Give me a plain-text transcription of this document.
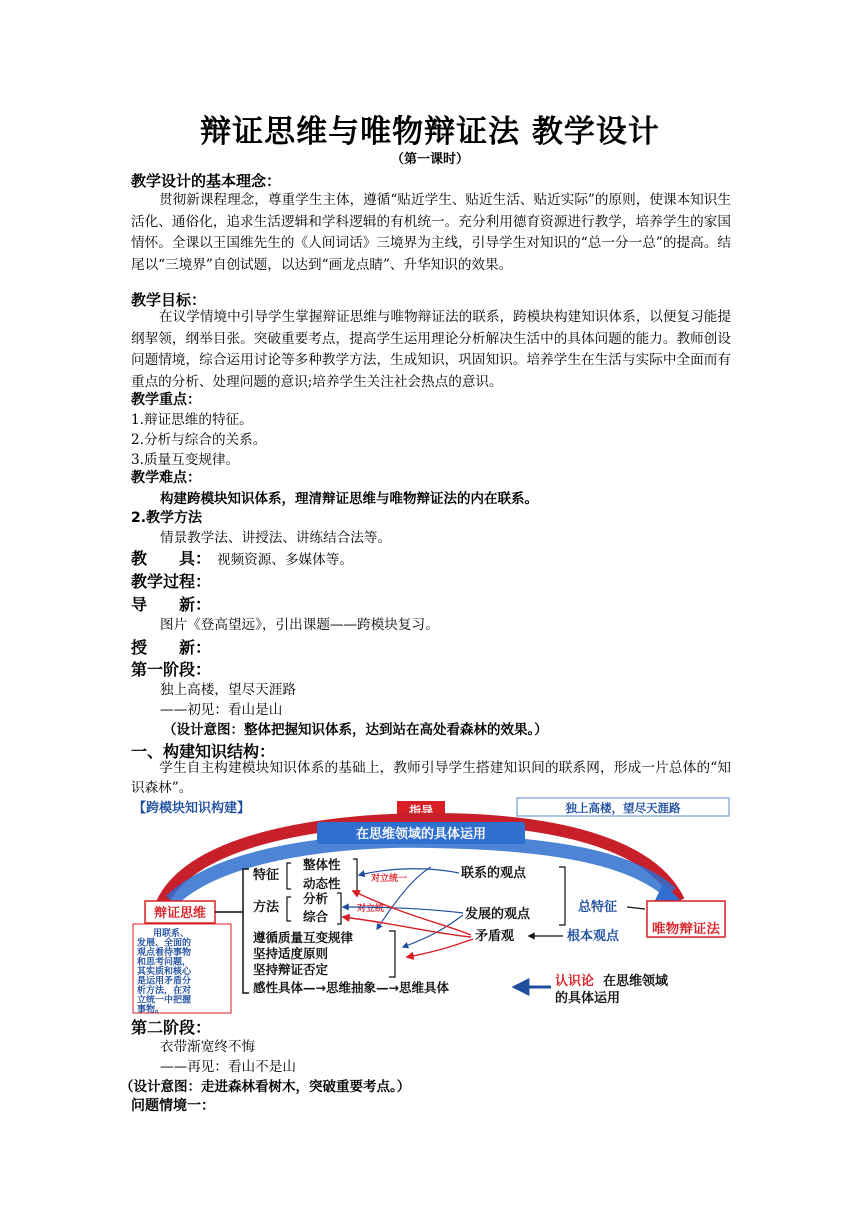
辩证思维与唯物辩证法 教学设计
（第一课时）
教学设计的基本理念：
贯彻新课程理念，尊重学生主体，遵循“贴近学生、贴近生活、贴近实际”的原则，使课本知识生活化、通俗化，追求生活逻辑和学科逻辑的有机统一。充分利用德育资源进行教学，培养学生的家国情怀。全课以王国维先生的《人间词话》三境界为主线，引导学生对知识的“总一分一总”的提高。结尾以“三境界”自创试题，以达到“画龙点睛”、升华知识的效果。
教学目标：
在议学情境中引导学生掌握辩证思维与唯物辩证法的联系，跨模块构建知识体系，以便复习能提纲挈领，纲举目张。突破重要考点，提高学生运用理论分析解决生活中的具体问题的能力。教师创设问题情境，综合运用讨论等多种教学方法，生成知识，巩固知识。培养学生在生活与实际中全面而有重点的分析、处理问题的意识;培养学生关注社会热点的意识。
教学重点：
1.辩证思维的特征。
2.分析与综合的关系。
3.质量互变规律。
教学难点：
构建跨模块知识体系，理清辩证思维与唯物辩证法的内在联系。
2.教学方法
情景教学法、讲授法、讲练结合法等。
教　　具： 视频资源、多媒体等。
教学过程：
导　　新：
图片《登高望远》，引出课题——跨模块复习。
授　　新：
第一阶段：
独上高楼，望尽天涯路
——初见：看山是山
（设计意图：整体把握知识体系，达到站在高处看森林的效果。）
一、构建知识结构：
学生自主构建模块知识体系的基础上，教师引导学生搭建知识间的联系网，形成一片总体的“知识森林”。
【跨模块知识构建】	指导	独上高楼，望尽天涯路
在思维领域的具体运用
辩证思维
唯物辩证法
用联系、 发展、全面的 观点看待事物 和思考问题， 其实质和核心 是运用矛盾分 析方法，在对 立统一中把握 事物。
特征
整体性
动态性
方法
分析
综合
对立统一
对立统一
联系的观点
发展的观点
矛盾观
总特征
根本观点
遵循质量互变规律
坚持适度原则
坚持辩证否定
感性具体—→思维抽象—→思维具体	认识论 在思维领域
的具体运用
第二阶段：
衣带渐宽终不悔
——再见：看山不是山
（设计意图：走进森林看树木，突破重要考点。）
问题情境一：
